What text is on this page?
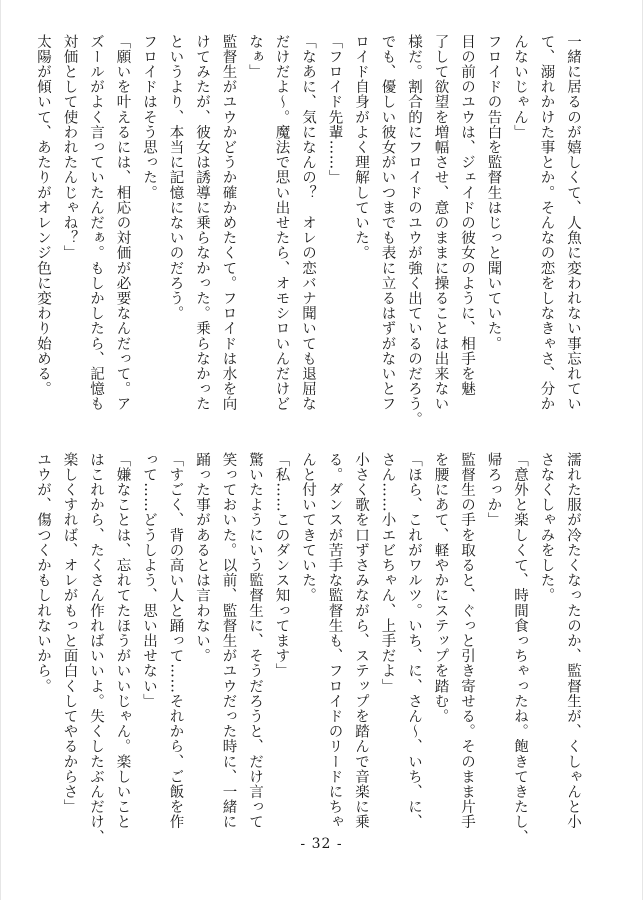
一緒に居るのが嬉しくて、人魚に変われない事忘れてい
て、溺れかけた事とか。そんなの恋をしなきゃさ、分か
んないじゃん」
フロイドの告白を監督生はじっと聞いていた。
目の前のユウは、ジェイドの彼女のように、相手を魅
了して欲望を増幅させ、意のままに操ることは出来ない
様だ。割合的にフロイドのユウが強く出ているのだろう。
でも、優しい彼女がいつまでも表に立るはずがないとフ
ロイド自身がよく理解していた。
「フロイド先輩……」
「なあに、気になんの？　オレの恋バナ聞いても退屈な
だけだよ～。魔法で思い出せたら、オモシロいんだけど
なぁ」
監督生がユウかどうか確かめたくて。フロイドは水を向
けてみたが、彼女は誘導に乗らなかった。乗らなかった
というより、本当に記憶にないのだろう。
フロイドはそう思った。
「願いを叶えるには、相応の対価が必要なんだって。ア
ズールがよく言っていたんだぁ。もしかしたら、記憶も
対価として使われたんじゃね？」
太陽が傾いて、あたりがオレンジ色に変わり始める。
濡れた服が冷たくなったのか、監督生が、くしゃんと小
さなくしゃみをした。
「意外と楽しくて、時間食っちゃったね。飽きてきたし、
帰ろっか」
監督生の手を取ると、ぐっと引き寄せる。そのまま片手
を腰にあて、軽やかにステップを踏む。
「ほら、これがワルツ。いち、に、さん～、いち、に、
さん……小エビちゃん、上手だよ」
小さく歌を口ずさみながら、ステップを踏んで音楽に乗
る。ダンスが苦手な監督生も、フロイドのリードにちゃ
んと付いてきていた。
「私……このダンス知ってます」
驚いたようにいう監督生に、そうだろうと、だけ言って
笑っておいた。以前、監督生がユウだった時に、一緒に
踊った事があるとは言わない。
「すごく、背の高い人と踊って……それから、ご飯を作
って……どうしよう、思い出せない」
「嫌なことは、忘れてたほうがいいじゃん。楽しいこと
はこれから、たくさん作ればいいよ。失くしたぶんだけ、
楽しくすれば、オレがもっと面白くしてやるからさ」
ユウが、傷つくかもしれないから。
- 32 -
